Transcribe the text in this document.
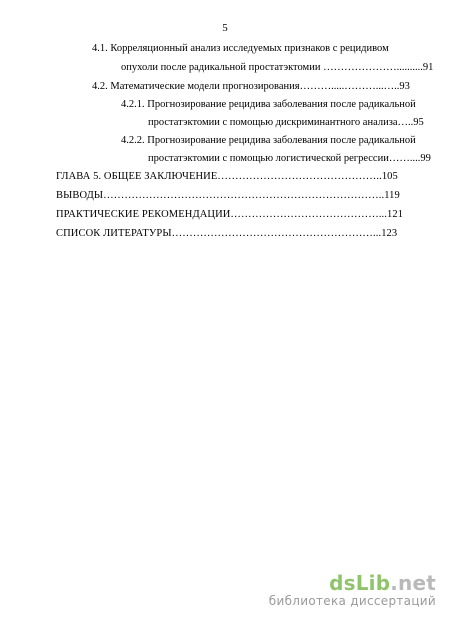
5
4.1. Корреляционный анализ исследуемых признаков с рецидивом
опухоли после радикальной простатэктомии …………………..........91
4.2. Математические модели прогнозирования……….....………...…..93
4.2.1. Прогнозирование рецидива заболевания после радикальной
простатэктомии с помощью дискриминантного анализа…..95
4.2.2. Прогнозирование рецидива заболевания после радикальной
простатэктомии с помощью логистической регрессии……....99
ГЛАВА 5. ОБЩЕЕ ЗАКЛЮЧЕНИЕ………………………………………..105
ВЫВОДЫ……………………………………………………………………..119
ПРАКТИЧЕСКИЕ РЕКОМЕНДАЦИИ……………………………………...121
СПИСОК ЛИТЕРАТУРЫ…………………………………………………...123
dsLib.net
библиотека диссертаций
